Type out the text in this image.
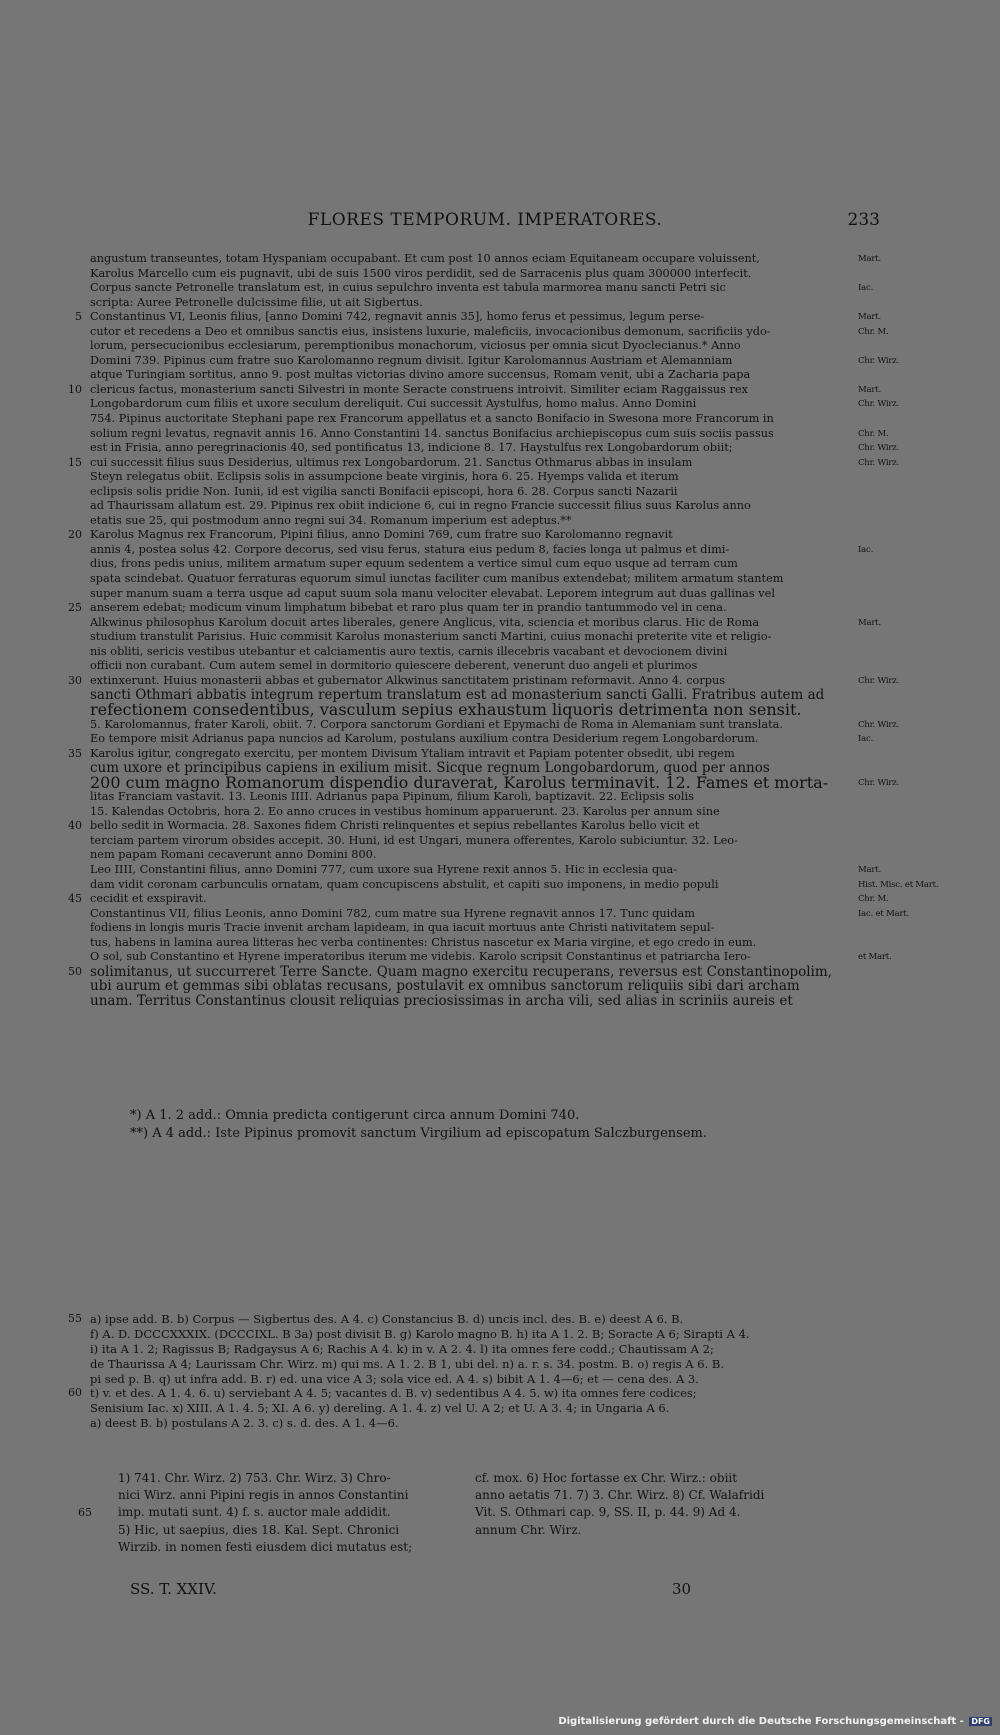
FLORES TEMPORUM. IMPERATORES.	233
angustum transeuntes, totam Hyspaniam occupabant. Et cum post 10 annos eciam Equitaneam occupare voluissent,	Mart.
Karolus Marcello cum eis pugnavit, ubi de suis 1500 viros perdidit, sed de Sarracenis plus quam 300000 interfecit.
Corpus sancte Petronelle translatum est, in cuius sepulchro inventa est tabula marmorea manu sancti Petri sic	Iac.
scripta: Auree Petronelle dulcissime filie, ut ait Sigbertus.
Constantinus VI, Leonis filius, [anno Domini 742, regnavit annis 35], homo ferus et pessimus, legum perse-
5	Mart.
cutor et recedens a Deo et omnibus sanctis eius, insistens luxurie, maleficiis, invocacionibus demonum, sacrificiis ydo-	Chr. M.
lorum, persecucionibus ecclesiarum, peremptionibus monachorum, viciosus per omnia sicut Dyoclecianus.* Anno
Domini 739. Pipinus cum fratre suo Karolomanno regnum divisit. Igitur Karolomannus Austriam et Alemanniam	Chr. Wirz.
atque Turingiam sortitus, anno 9. post multas victorias divino amore succensus, Romam venit, ubi a Zacharia papa
clericus factus, monasterium sancti Silvestri in monte Seracte construens introivit. Similiter eciam Raggaissus rex
10	Mart.
Longobardorum cum filiis et uxore seculum dereliquit. Cui successit Aystulfus, homo malus. Anno Domini	Chr. Wirz.
754. Pipinus auctoritate Stephani pape rex Francorum appellatus et a sancto Bonifacio in Swesona more Francorum in
solium regni levatus, regnavit annis 16. Anno Constantini 14. sanctus Bonifacius archiepiscopus cum suis sociis passus	Chr. M.
est in Frisia, anno peregrinacionis 40, sed pontificatus 13, indicione 8. 17. Haystulfus rex Longobardorum obiit;	Chr. Wirz.
cui successit filius suus Desiderius, ultimus rex Longobardorum. 21. Sanctus Othmarus abbas in insulam
15	Chr. Wirz.
Steyn relegatus obiit. Eclipsis solis in assumpcione beate virginis, hora 6. 25. Hyemps valida et iterum
eclipsis solis pridie Non. Iunii, id est vigilia sancti Bonifacii episcopi, hora 6. 28. Corpus sancti Nazarii
ad Thaurissam allatum est. 29. Pipinus rex obiit indicione 6, cui in regno Francie successit filius suus Karolus anno
etatis sue 25, qui postmodum anno regni sui 34. Romanum imperium est adeptus.**
Karolus Magnus rex Francorum, Pipini filius, anno Domini 769, cum fratre suo Karolomanno regnavit
20
annis 4, postea solus 42. Corpore decorus, sed visu ferus, statura eius pedum 8, facies longa ut palmus et dimi-	Iac.
dius, frons pedis unius, militem armatum super equum sedentem a vertice simul cum equo usque ad terram cum
spata scindebat. Quatuor ferraturas equorum simul iunctas faciliter cum manibus extendebat; militem armatum stantem
super manum suam a terra usque ad caput suum sola manu velociter elevabat. Leporem integrum aut duas gallinas vel
anserem edebat; modicum vinum limphatum bibebat et raro plus quam ter in prandio tantummodo vel in cena.
25
Alkwinus philosophus Karolum docuit artes liberales, genere Anglicus, vita, sciencia et moribus clarus. Hic de Roma	Mart.
studium transtulit Parisius. Huic commisit Karolus monasterium sancti Martini, cuius monachi preterite vite et religio-
nis obliti, sericis vestibus utebantur et calciamentis auro textis, carnis illecebris vacabant et devocionem divini
officii non curabant. Cum autem semel in dormitorio quiescere deberent, venerunt duo angeli et plurimos
extinxerunt. Huius monasterii abbas et gubernator Alkwinus sanctitatem pristinam reformavit. Anno 4. corpus
30	Chr. Wirz.
sancti Othmari abbatis integrum repertum translatum est ad monasterium sancti Galli. Fratribus autem ad
refectionem consedentibus, vasculum sepius exhaustum liquoris detrimenta non sensit.
5. Karolomannus, frater Karoli, obiit. 7. Corpora sanctorum Gordiani et Epymachi de Roma in Alemaniam sunt translata.	Chr. Wirz.
Eo tempore misit Adrianus papa nuncios ad Karolum, postulans auxilium contra Desiderium regem Longobardorum.	Iac.
Karolus igitur, congregato exercitu, per montem Divisum Ytaliam intravit et Papiam potenter obsedit, ubi regem
35
cum uxore et principibus capiens in exilium misit. Sicque regnum Longobardorum, quod per annos
200 cum magno Romanorum dispendio duraverat, Karolus terminavit. 12. Fames et morta-	Chr. Wirz.
litas Franciam vastavit. 13. Leonis IIII. Adrianus papa Pipinum, filium Karoli, baptizavit. 22. Eclipsis solis
15. Kalendas Octobris, hora 2. Eo anno cruces in vestibus hominum apparuerunt. 23. Karolus per annum sine
bello sedit in Wormacia. 28. Saxones fidem Christi relinquentes et sepius rebellantes Karolus bello vicit et
40
terciam partem virorum obsides accepit. 30. Huni, id est Ungari, munera offerentes, Karolo subiciuntur. 32. Leo-
nem papam Romani cecaverunt anno Domini 800.
Leo IIII, Constantini filius, anno Domini 777, cum uxore sua Hyrene rexit annos 5. Hic in ecclesia qua-	Mart.
dam vidit coronam carbunculis ornatam, quam concupiscens abstulit, et capiti suo imponens, in medio populi	Hist. Misc. et Mart.
cecidit et exspiravit.
45	Chr. M.
Constantinus VII, filius Leonis, anno Domini 782, cum matre sua Hyrene regnavit annos 17. Tunc quidam	Iac. et Mart.
fodiens in longis muris Tracie invenit archam lapideam, in qua iacuit mortuus ante Christi nativitatem sepul-
tus, habens in lamina aurea litteras hec verba continentes: Christus nascetur ex Maria virgine, et ego credo in eum.
O sol, sub Constantino et Hyrene imperatoribus iterum me videbis. Karolo scripsit Constantinus et patriarcha Iero-	et Mart.
solimitanus, ut succurreret Terre Sancte. Quam magno exercitu recuperans, reversus est Constantinopolim,
50
ubi aurum et gemmas sibi oblatas recusans, postulavit ex omnibus sanctorum reliquiis sibi dari archam
unam. Territus Constantinus clousit reliquias preciosissimas in archa vili, sed alias in scriniis aureis et
*) A 1. 2 add.: Omnia predicta contigerunt circa annum Domini 740.
**) A 4 add.: Iste Pipinus promovit sanctum Virgilium ad episcopatum Salczburgensem.
a) ipse add. B. b) Corpus — Sigbertus des. A 4. c) Constancius B. d) uncis incl. des. B. e) deest A 6. B.
55
f) A. D. DCCCXXXIX. (DCCCIXL. B 3a) post divisit B. g) Karolo magno B. h) ita A 1. 2. B; Soracte A 6; Sirapti A 4.
i) ita A 1. 2; Ragissus B; Radgaysus A 6; Rachis A 4. k) in v. A 2. 4. l) ita omnes fere codd.; Chautissam A 2;
de Thaurissa A 4; Laurissam Chr. Wirz. m) qui ms. A 1. 2. B 1, ubi del. n) a. r. s. 34. postm. B. o) regis A 6. B.
pi sed p. B. q) ut infra add. B. r) ed. una vice A 3; sola vice ed. A 4. s) bibit A 1. 4—6; et — cena des. A 3.
t) v. et des. A 1. 4. 6. u) serviebant A 4. 5; vacantes d. B. v) sedentibus A 4. 5. w) ita omnes fere codices;
60
Senisium Iac. x) XIII. A 1. 4. 5; XI. A 6. y) dereling. A 1. 4. z) vel U. A 2; et U. A 3. 4; in Ungaria A 6.
a) deest B. b) postulans A 2. 3. c) s. d. des. A 1. 4—6.
1) 741. Chr. Wirz. 2) 753. Chr. Wirz. 3) Chro-
nici Wirz. anni Pipini regis in annos Constantini
imp. mutati sunt. 4) f. s. auctor male addidit.
65
5) Hic, ut saepius, dies 18. Kal. Sept. Chronici
Wirzib. in nomen festi eiusdem dici mutatus est;
cf. mox. 6) Hoc fortasse ex Chr. Wirz.: obiit
anno aetatis 71. 7) 3. Chr. Wirz. 8) Cf. Walafridi
Vit. S. Othmari cap. 9, SS. II, p. 44. 9) Ad 4.
annum Chr. Wirz.
SS. T. XXIV.	30
Digitalisierung gefördert durch die Deutsche Forschungsgemeinschaft - DFG
